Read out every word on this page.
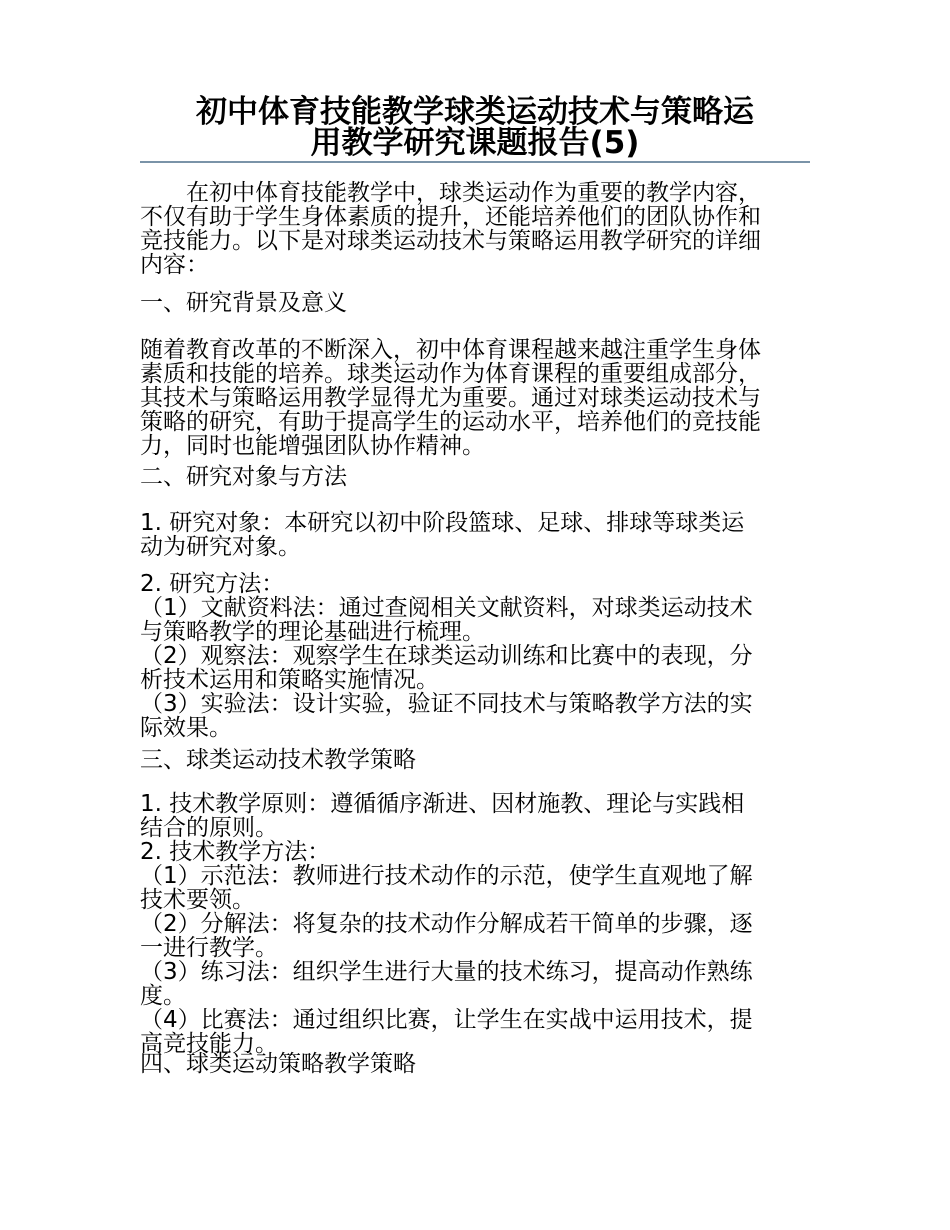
初中体育技能教学球类运动技术与策略运
用教学研究课题报告(5)
　　在初中体育技能教学中，球类运动作为重要的教学内容，
不仅有助于学生身体素质的提升，还能培养他们的团队协作和
竞技能力。以下是对球类运动技术与策略运用教学研究的详细
内容：
一、研究背景及意义
随着教育改革的不断深入，初中体育课程越来越注重学生身体
素质和技能的培养。球类运动作为体育课程的重要组成部分，
其技术与策略运用教学显得尤为重要。通过对球类运动技术与
策略的研究，有助于提高学生的运动水平，培养他们的竞技能
力，同时也能增强团队协作精神。
二、研究对象与方法
1. 研究对象：本研究以初中阶段篮球、足球、排球等球类运
动为研究对象。
2. 研究方法：
（1）文献资料法：通过查阅相关文献资料，对球类运动技术
与策略教学的理论基础进行梳理。
（2）观察法：观察学生在球类运动训练和比赛中的表现，分
析技术运用和策略实施情况。
（3）实验法：设计实验，验证不同技术与策略教学方法的实
际效果。
三、球类运动技术教学策略
1. 技术教学原则：遵循循序渐进、因材施教、理论与实践相
结合的原则。
2. 技术教学方法：
（1）示范法：教师进行技术动作的示范，使学生直观地了解
技术要领。
（2）分解法：将复杂的技术动作分解成若干简单的步骤，逐
一进行教学。
（3）练习法：组织学生进行大量的技术练习，提高动作熟练
度。
（4）比赛法：通过组织比赛，让学生在实战中运用技术，提
高竞技能力。
四、球类运动策略教学策略
